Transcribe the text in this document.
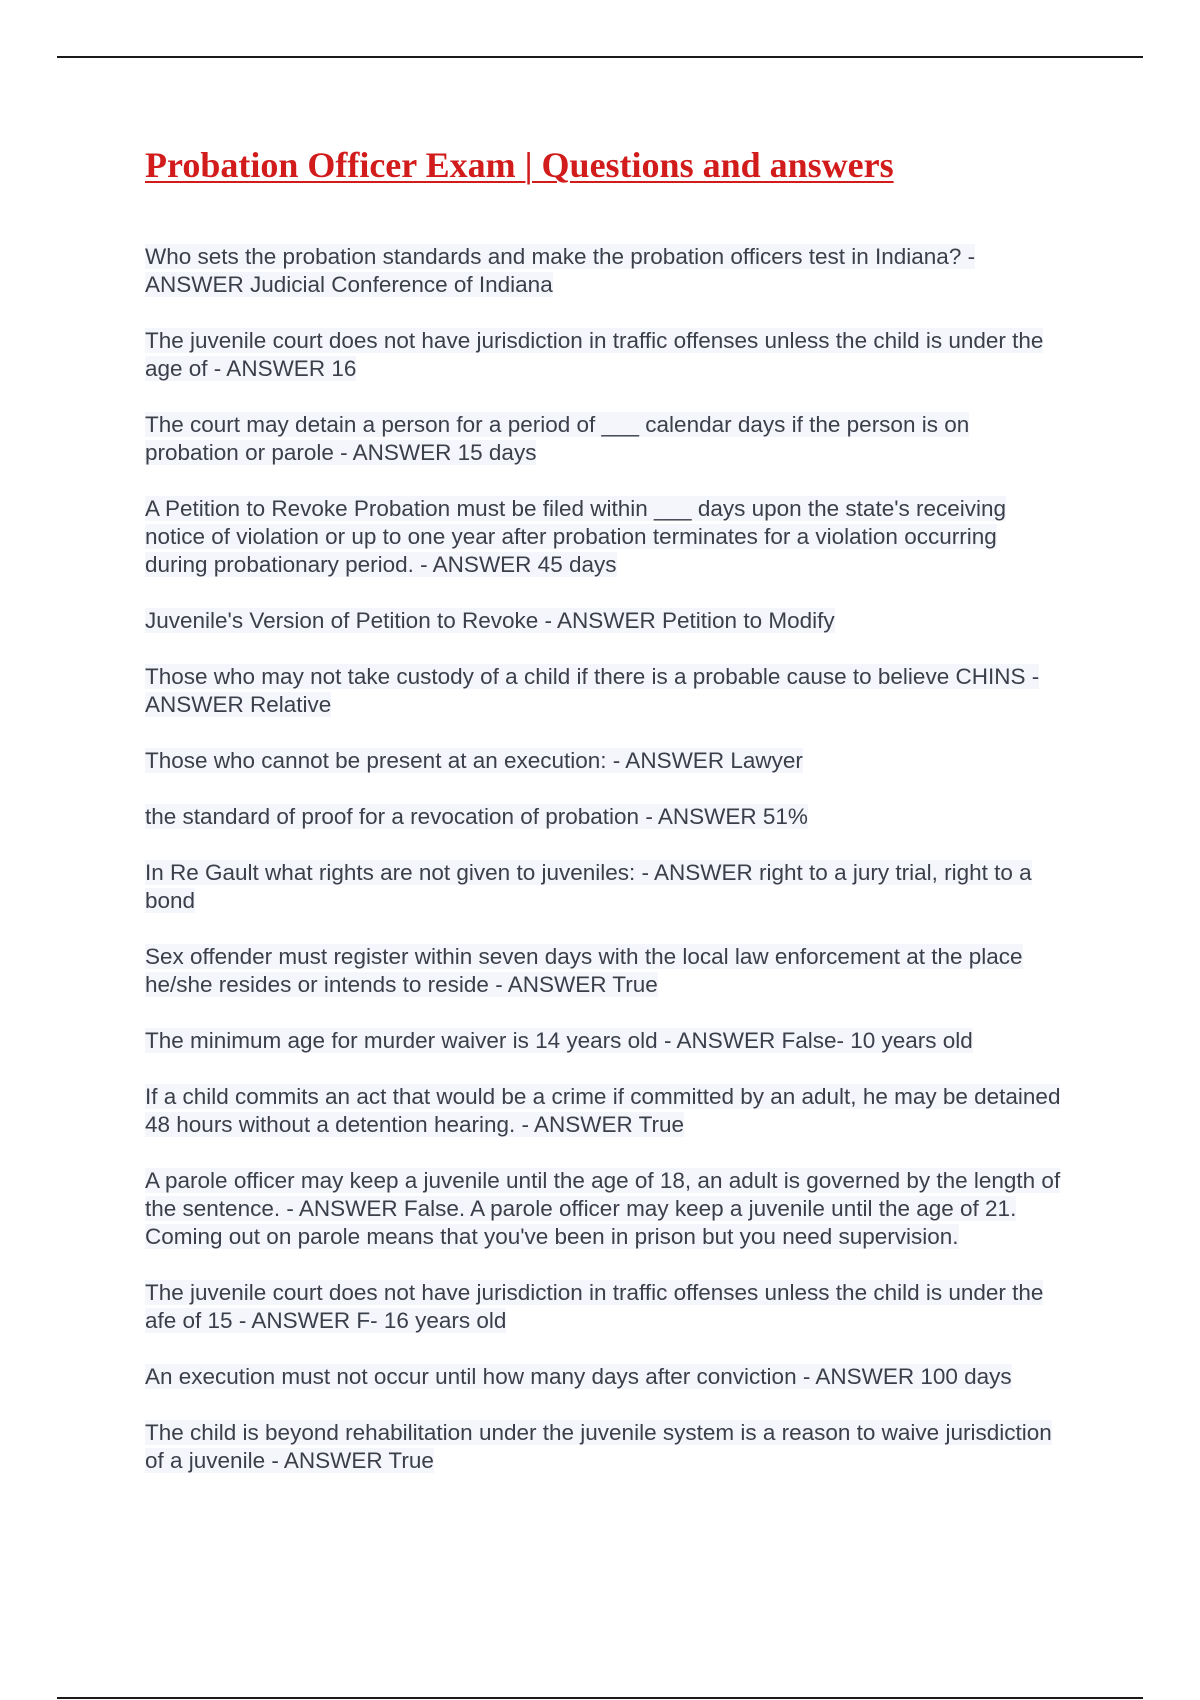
Probation Officer Exam | Questions and answers
Who sets the probation standards and make the probation officers test in Indiana? - ANSWER Judicial Conference of Indiana
The juvenile court does not have jurisdiction in traffic offenses unless the child is under the age of - ANSWER 16
The court may detain a person for a period of ___ calendar days if the person is on probation or parole - ANSWER 15 days
A Petition to Revoke Probation must be filed within ___ days upon the state's receiving notice of violation or up to one year after probation terminates for a violation occurring during probationary period. - ANSWER 45 days
Juvenile's Version of Petition to Revoke - ANSWER Petition to Modify
Those who may not take custody of a child if there is a probable cause to believe CHINS - ANSWER Relative
Those who cannot be present at an execution: - ANSWER Lawyer
the standard of proof for a revocation of probation - ANSWER 51%
In Re Gault what rights are not given to juveniles: - ANSWER right to a jury trial, right to a bond
Sex offender must register within seven days with the local law enforcement at the place he/she resides or intends to reside - ANSWER True
The minimum age for murder waiver is 14 years old - ANSWER False- 10 years old
If a child commits an act that would be a crime if committed by an adult, he may be detained 48 hours without a detention hearing. - ANSWER True
A parole officer may keep a juvenile until the age of 18, an adult is governed by the length of the sentence. - ANSWER False. A parole officer may keep a juvenile until the age of 21. Coming out on parole means that you've been in prison but you need supervision.
The juvenile court does not have jurisdiction in traffic offenses unless the child is under the afe of 15 - ANSWER F- 16 years old
An execution must not occur until how many days after conviction - ANSWER 100 days
The child is beyond rehabilitation under the juvenile system is a reason to waive jurisdiction of a juvenile - ANSWER True
